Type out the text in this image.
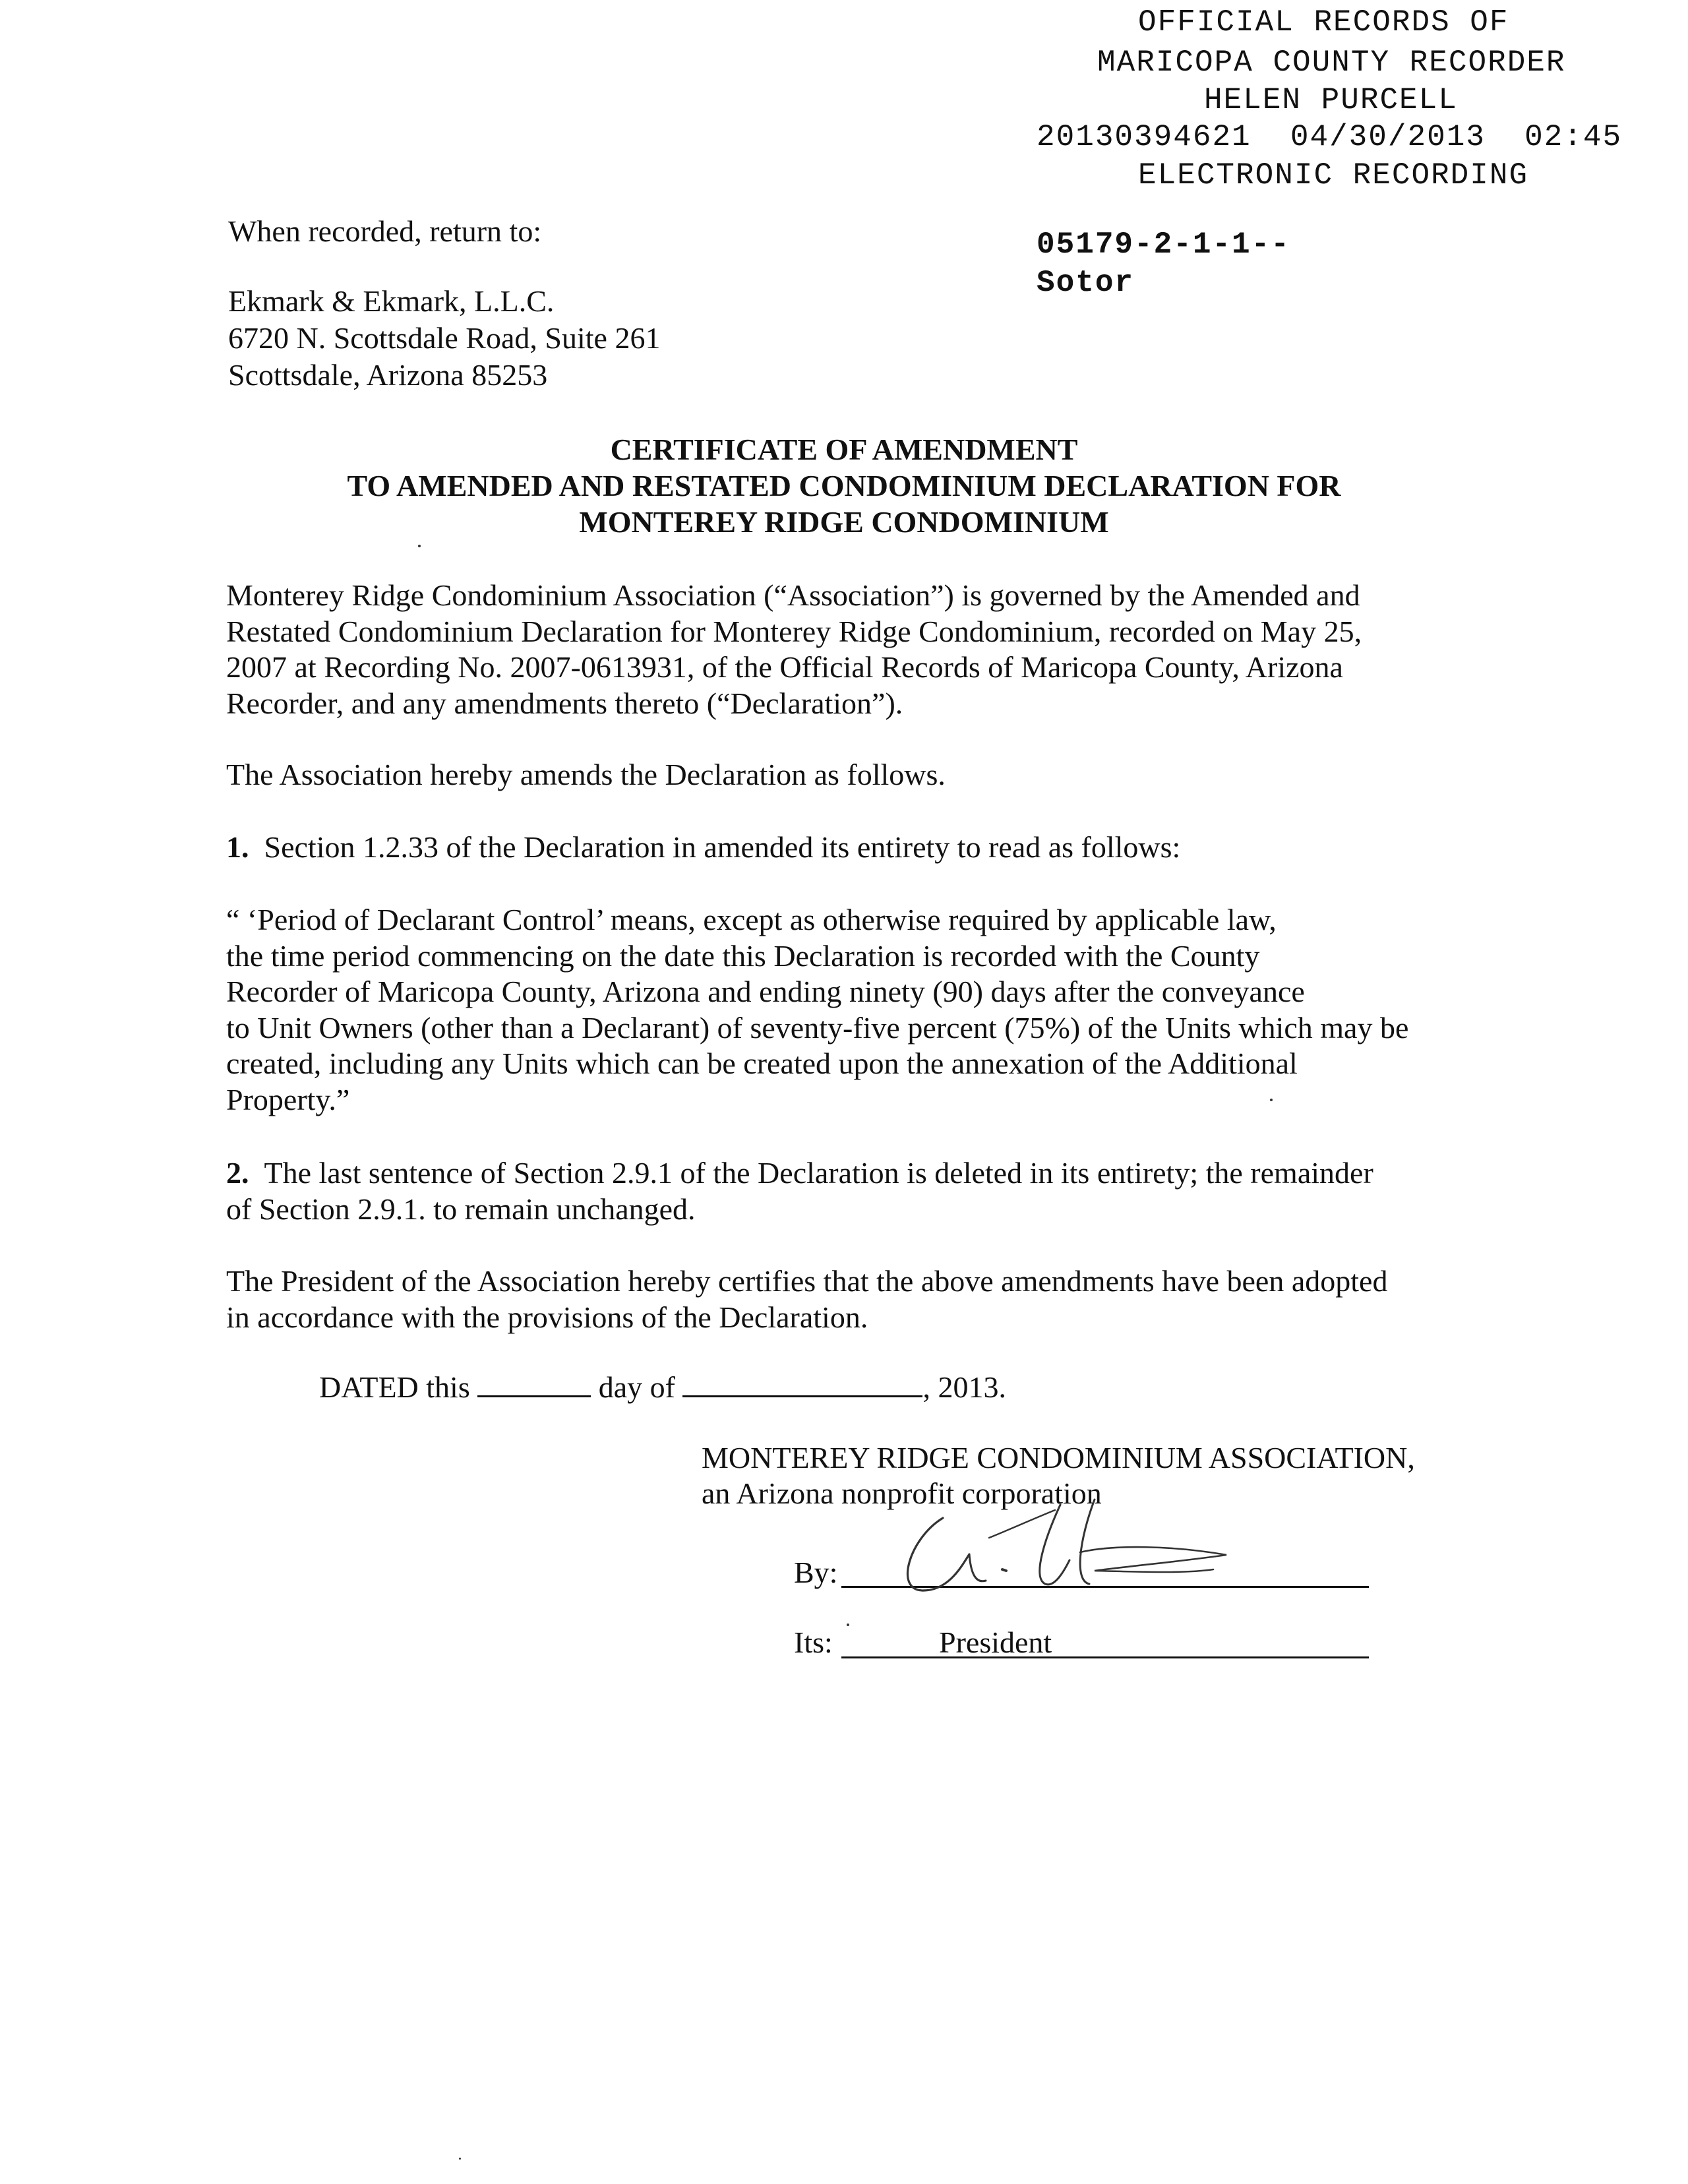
OFFICIAL RECORDS OF

MARICOPA COUNTY RECORDER

HELEN PURCELL

20130394621  04/30/2013  02:45

ELECTRONIC RECORDING

When recorded, return to:
Ekmark & Ekmark, L.L.C.
6720 N. Scottsdale Road, Suite 261
Scottsdale, Arizona 85253
05179-2-1-1--
Sotor
CERTIFICATE OF AMENDMENT
TO AMENDED AND RESTATED CONDOMINIUM DECLARATION FOR
MONTEREY RIDGE CONDOMINIUM
Monterey Ridge Condominium Association (“Association”) is governed by the Amended and
Restated Condominium Declaration for Monterey Ridge Condominium, recorded on May 25,
2007 at Recording No. 2007-0613931, of the Official Records of Maricopa County, Arizona
Recorder, and any amendments thereto (“Declaration”).
The Association hereby amends the Declaration as follows.
1. Section 1.2.33 of the Declaration in amended its entirety to read as follows:
“ ‘Period of Declarant Control’ means, except as otherwise required by applicable law,
the time period commencing on the date this Declaration is recorded with the County
Recorder of Maricopa County, Arizona and ending ninety (90) days after the conveyance
to Unit Owners (other than a Declarant) of seventy-five percent (75%) of the Units which may be
created, including any Units which can be created upon the annexation of the Additional
Property.”
2. The last sentence of Section 2.9.1 of the Declaration is deleted in its entirety; the remainder
of Section 2.9.1. to remain unchanged.
The President of the Association hereby certifies that the above amendments have been adopted
in accordance with the provisions of the Declaration.
DATED this	day of	, 2013.
MONTEREY RIDGE CONDOMINIUM ASSOCIATION,
an Arizona nonprofit corporation
By:
Its:	President
